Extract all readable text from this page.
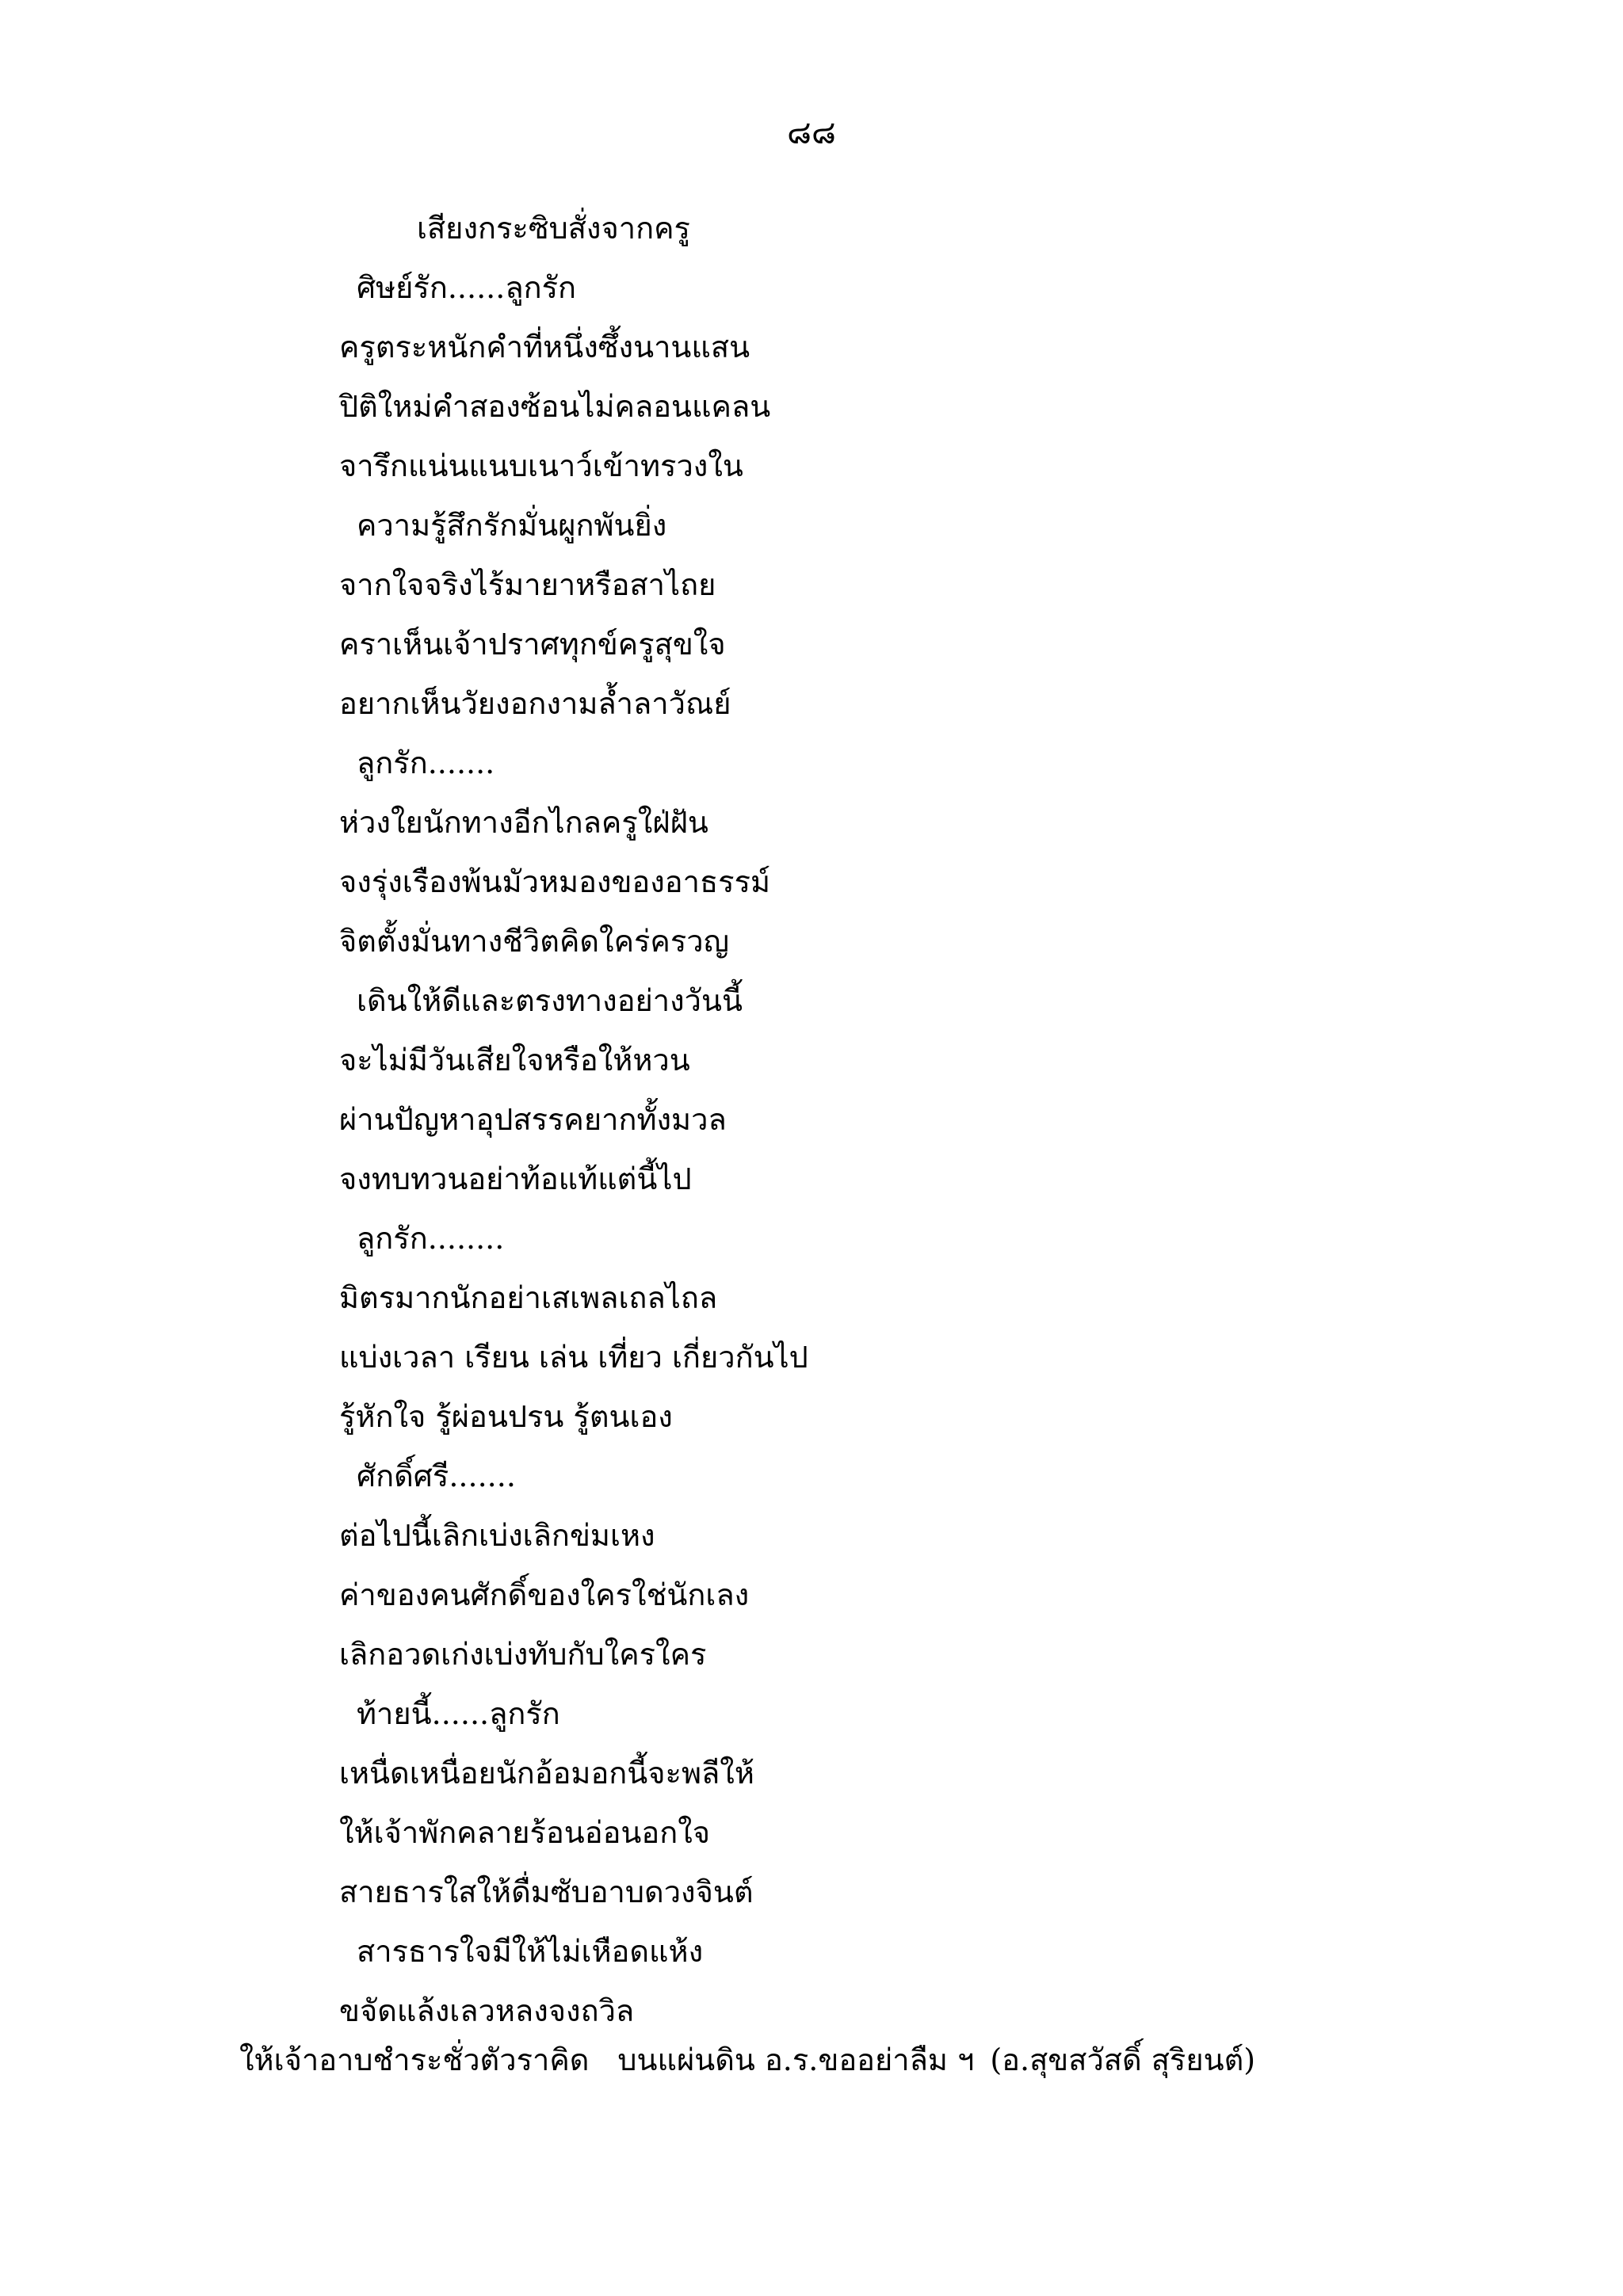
๘๘
เสียงกระซิบสั่งจากครู
ศิษย์รัก......ลูกรัก
ครูตระหนักคำที่หนึ่งซึ้งนานแสน
ปิติใหม่คำสองซ้อนไม่คลอนแคลน
จารึกแน่นแนบเนาว์เข้าทรวงใน
ความรู้สึกรักมั่นผูกพันยิ่ง
จากใจจริงไร้มายาหรือสาไถย
คราเห็นเจ้าปราศทุกข์ครูสุขใจ
อยากเห็นวัยงอกงามล้ำลาวัณย์
ลูกรัก.......
ห่วงใยนักทางอีกไกลครูใฝ่ฝัน
จงรุ่งเรืองพ้นมัวหมองของอาธรรม์
จิตตั้งมั่นทางชีวิตคิดใคร่ครวญ
เดินให้ดีและตรงทางอย่างวันนี้
จะไม่มีวันเสียใจหรือให้หวน
ผ่านปัญหาอุปสรรคยากทั้งมวล
จงทบทวนอย่าท้อแท้แต่นี้ไป
ลูกรัก........
มิตรมากนักอย่าเสเพลเถลไถล
แบ่งเวลา เรียน เล่น เที่ยว เกี่ยวกันไป
รู้หักใจ รู้ผ่อนปรน รู้ตนเอง
ศักดิ์ศรี.......
ต่อไปนี้เลิกเบ่งเลิกข่มเหง
ค่าของคนศักดิ์ของใครใช่นักเลง
เลิกอวดเก่งเบ่งทับกับใครใคร
ท้ายนี้......ลูกรัก
เหนื่ดเหนื่อยนักอ้อมอกนี้จะพลีให้
ให้เจ้าพักคลายร้อนอ่อนอกใจ
สายธารใสให้ดื่มซับอาบดวงจินต์
สารธารใจมีให้ไม่เหือดแห้ง
ขจัดแล้งเลวหลงจงถวิล
ให้เจ้าอาบชำระชั่วตัวราคิด บนแผ่นดิน อ.ร.ขออย่าลืม ฯ (อ.สุขสวัสดิ์ สุริยนต์)
